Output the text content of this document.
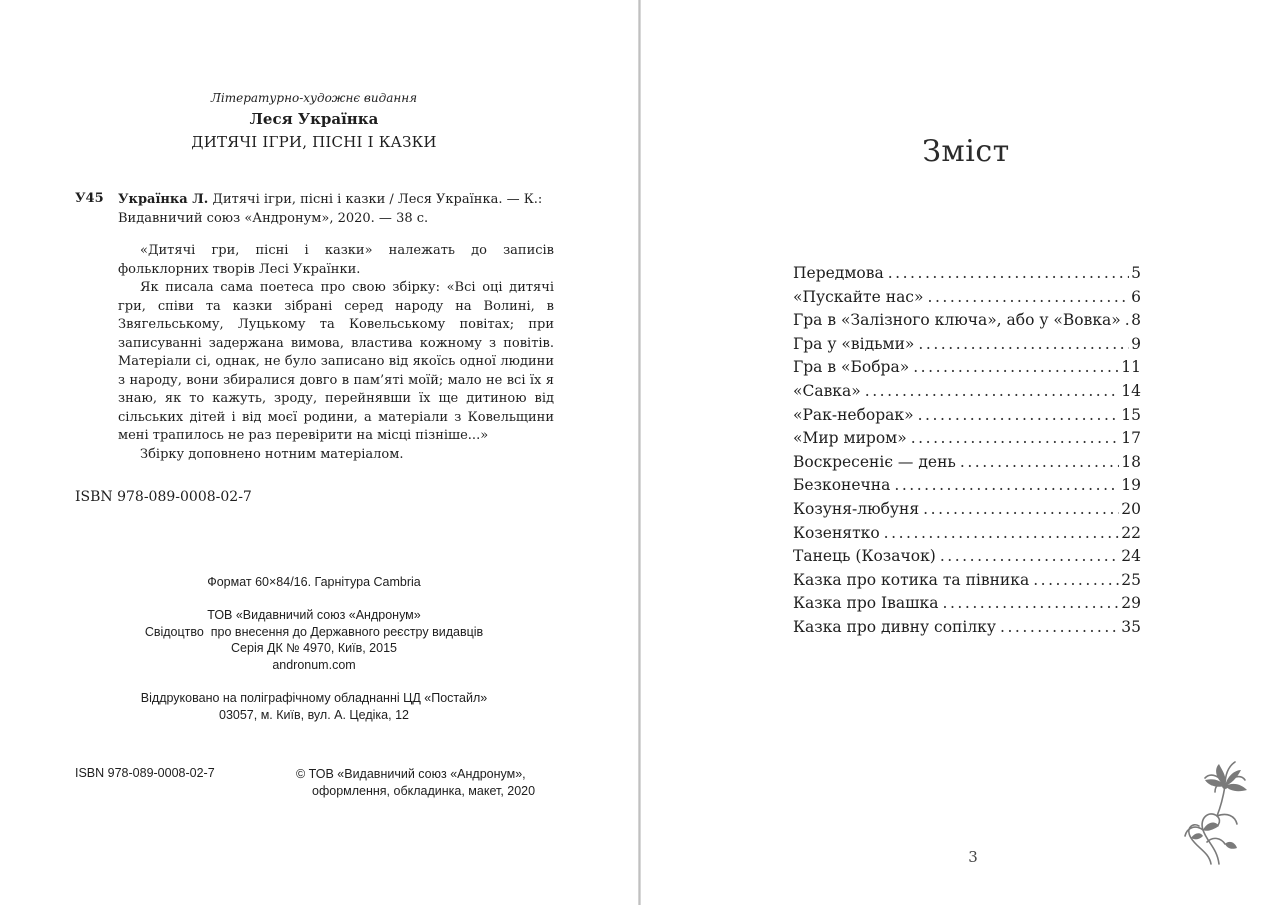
Літературно-художнє видання
Леся Українка
ДИТЯЧІ ІГРИ, ПІСНІ І КАЗКИ
У45 Українка Л. Дитячі ігри, пісні і казки / Леся Українка. — К.: Видавничий союз «Андронум», 2020. — 38 с.

«Дитячі гри, пісні і казки» належать до записів фольклорних творів Лесі Українки.

Як писала сама поетеса про свою збірку: «Всі оці дитячі гри, співи та казки зібрані серед народу на Волині, в Звягельському, Луцькому та Ковельському повітах; при записуванні задержана вимова, властива кожному з повітів. Матеріали сі, однак, не було записано від якоїсь одної людини з народу, вони збиралися довго в пам’яті моїй; мало не всі їх я знаю, як то кажуть, зроду, перейнявши їх ще дитиною від сільських дітей і від моєї родини, а матеріали з Ковельщини мені трапилось не раз перевірити на місці пізніше...»

Збірку доповнено нотним матеріалом.

ISBN 978-089-0008-02-7
Формат 60×84/16. Гарнітура Cambria
ТОВ «Видавничий союз «Андронум»
Свідоцтво  про внесення до Державного реєстру видавців
Серія ДК № 4970, Київ, 2015
andronum.com
Віддруковано на поліграфічному обладнанні ЦД «Постайл»
03057, м. Київ, вул. А. Цедіка, 12
ISBN 978-089-0008-02-7	© ТОВ «Видавничий союз «Андронум»,
оформлення, обкладинка, макет, 2020
Зміст
Передмова . . .	5
«Пускайте нас» . . .	6
Гра в «Залізного ключа», або у «Вовка» . . . 8
Гра у «відьми» . . .	9
Гра в «Бобра» . . .	11
«Савка» . . .	14
«Рак-неборак» . . .	15
«Мир миром» . . .	17
Воскресеніє — день . . .	18
Безконечна . . .	19
Козуня-любуня . . .	20
Козенятко . . .	22
Танець (Козачок) . . .	24
Казка про котика та півника . . .	25
Казка про Івашка . . .	29
Казка про дивну сопілку . . .	35
3
